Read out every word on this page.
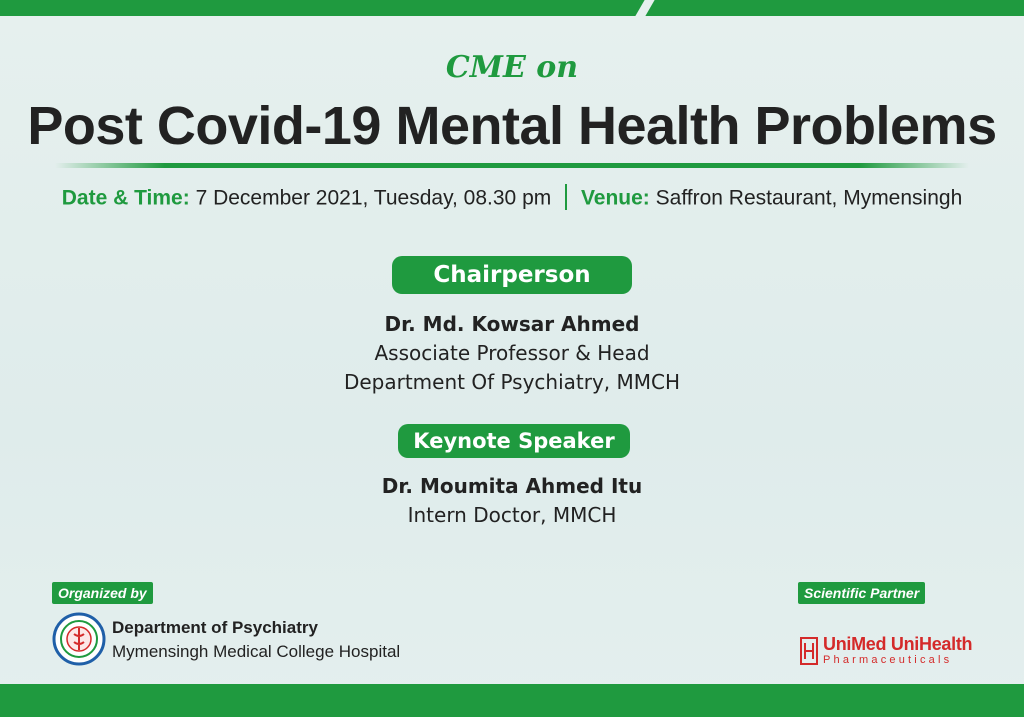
CME on
Post Covid-19 Mental Health Problems
Date & Time: 7 December 2021, Tuesday, 08.30 pm Venue: Saffron Restaurant, Mymensingh
Chairperson
Dr. Md. Kowsar Ahmed
Associate Professor & Head
Department Of Psychiatry, MMCH
Keynote Speaker
Dr. Moumita Ahmed Itu
Intern Doctor, MMCH
Organized by
Department of Psychiatry
Mymensingh Medical College Hospital
Scientific Partner
UniMed UniHealth
Pharmaceuticals
